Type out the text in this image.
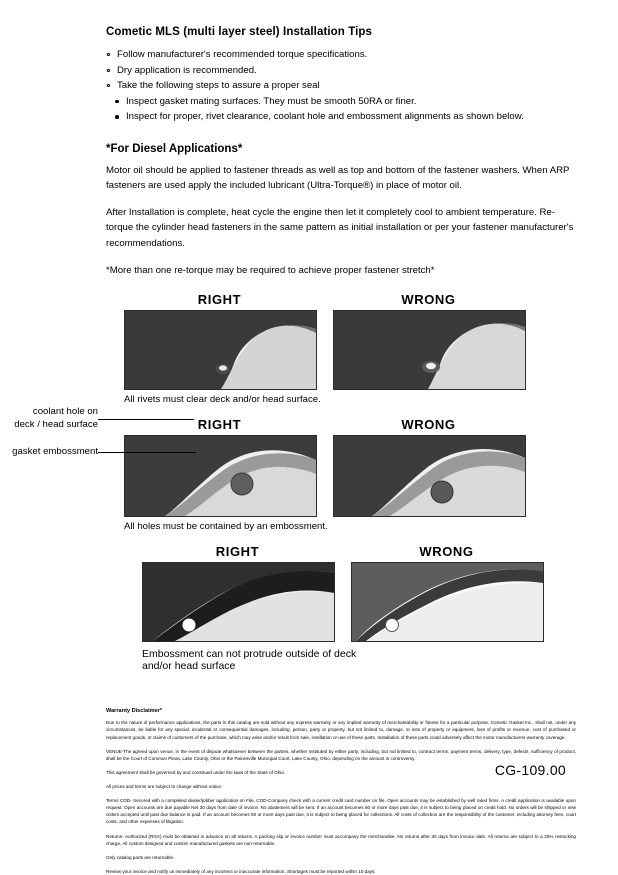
Cometic MLS (multi layer steel) Installation Tips
Follow manufacturer's recommended torque specifications.
Dry application is recommended.
Take the following steps to assure a proper seal
Inspect gasket mating surfaces. They must be smooth 50RA or finer.
Inspect for proper, rivet clearance, coolant hole and embossment alignments as shown below.
*For Diesel Applications*

Motor oil should be applied to fastener threads as well as top and bottom of the fastener washers. When ARP fasteners are used apply the included lubricant (Ultra-Torque®) in place of motor oil.

After Installation is complete, heat cycle the engine then let it completely cool to ambient temperature. Re-torque the cylinder head fasteners in the same pattern as initial installation or per your fastener manufacturer's recommendations.

*More than one re-torque may be required to achieve proper fastener stretch*

RIGHT	WRONG
All rivets must clear deck and/or head surface.
RIGHT	WRONG
All holes must be contained by an embossment.
coolant hole on
deck / head surface
gasket embossment
RIGHT	WRONG
Embossment can not protrude outside of deck
and/or head surface
Warranty Disclaimer*

Due to the nature of performance applications, the parts in this catalog are sold without any express warranty or any implied warranty of merchantability or fitness for a particular purpose. Cometic Gasket Inc., shall not, under any circumstances, be liable for any special, incidental or consequential damages, including, person, party or property, but not limited to, damage, or loss of property or equipment, loss of profits or revenue, cost of purchased or replacement goods, or claims of customers of the purchase, which may arise and/or result from sale, instillation or use of these parts. Installation of these parts could adversely affect the motor manufacturers warranty coverage.

VENUE-The agreed upon venue, in the event of dispute whatsoever between the parties, whether instituted by either party, including, but not limited to, contract terms, payment terms, delivery, type, defects, sufficiency of product, shall be the Court of Common Pleas, Lake County, Ohio or the Painesville Municipal Court, Lake County, Ohio, depending on the amount in controversy.

This agreement shall be governed by and construed under the laws of the State of Ohio.

All prices and terms are subject to change without notice.

Terms COD- Secured with a completed dealer/jobber application on File, COD-Company check with a current credit card number on file. Open accounts may be established by well rated firms. A credit application is available upon request. Open accounts are due payable Net 30 days from date of invoice. No abatement will be sent. If an account becomes 60 or more days past due, it is subject to being placed on credit hold. No orders will be shipped or new orders accepted until past due balance is paid. If an account becomes 90 or more days past due, it is subject to being placed for collections. All costs of collection are the responsibility of the customer, including attorney fees, court costs, and other expenses of litigation.

Returns- Authorized (RGA) must be obtained in advance on all returns. A packing slip or invoice number must accompany the merchandise. No returns after 30 days from invoice date. All returns are subject to a 25% restocking charge. All custom designed and custom manufactured gaskets are non-returnable.

Only catalog parts are returnable.

Review your invoice and notify us immediately of any incorrect or inaccurate information. Shortages must be reported within 10 days.

CG-109.00
